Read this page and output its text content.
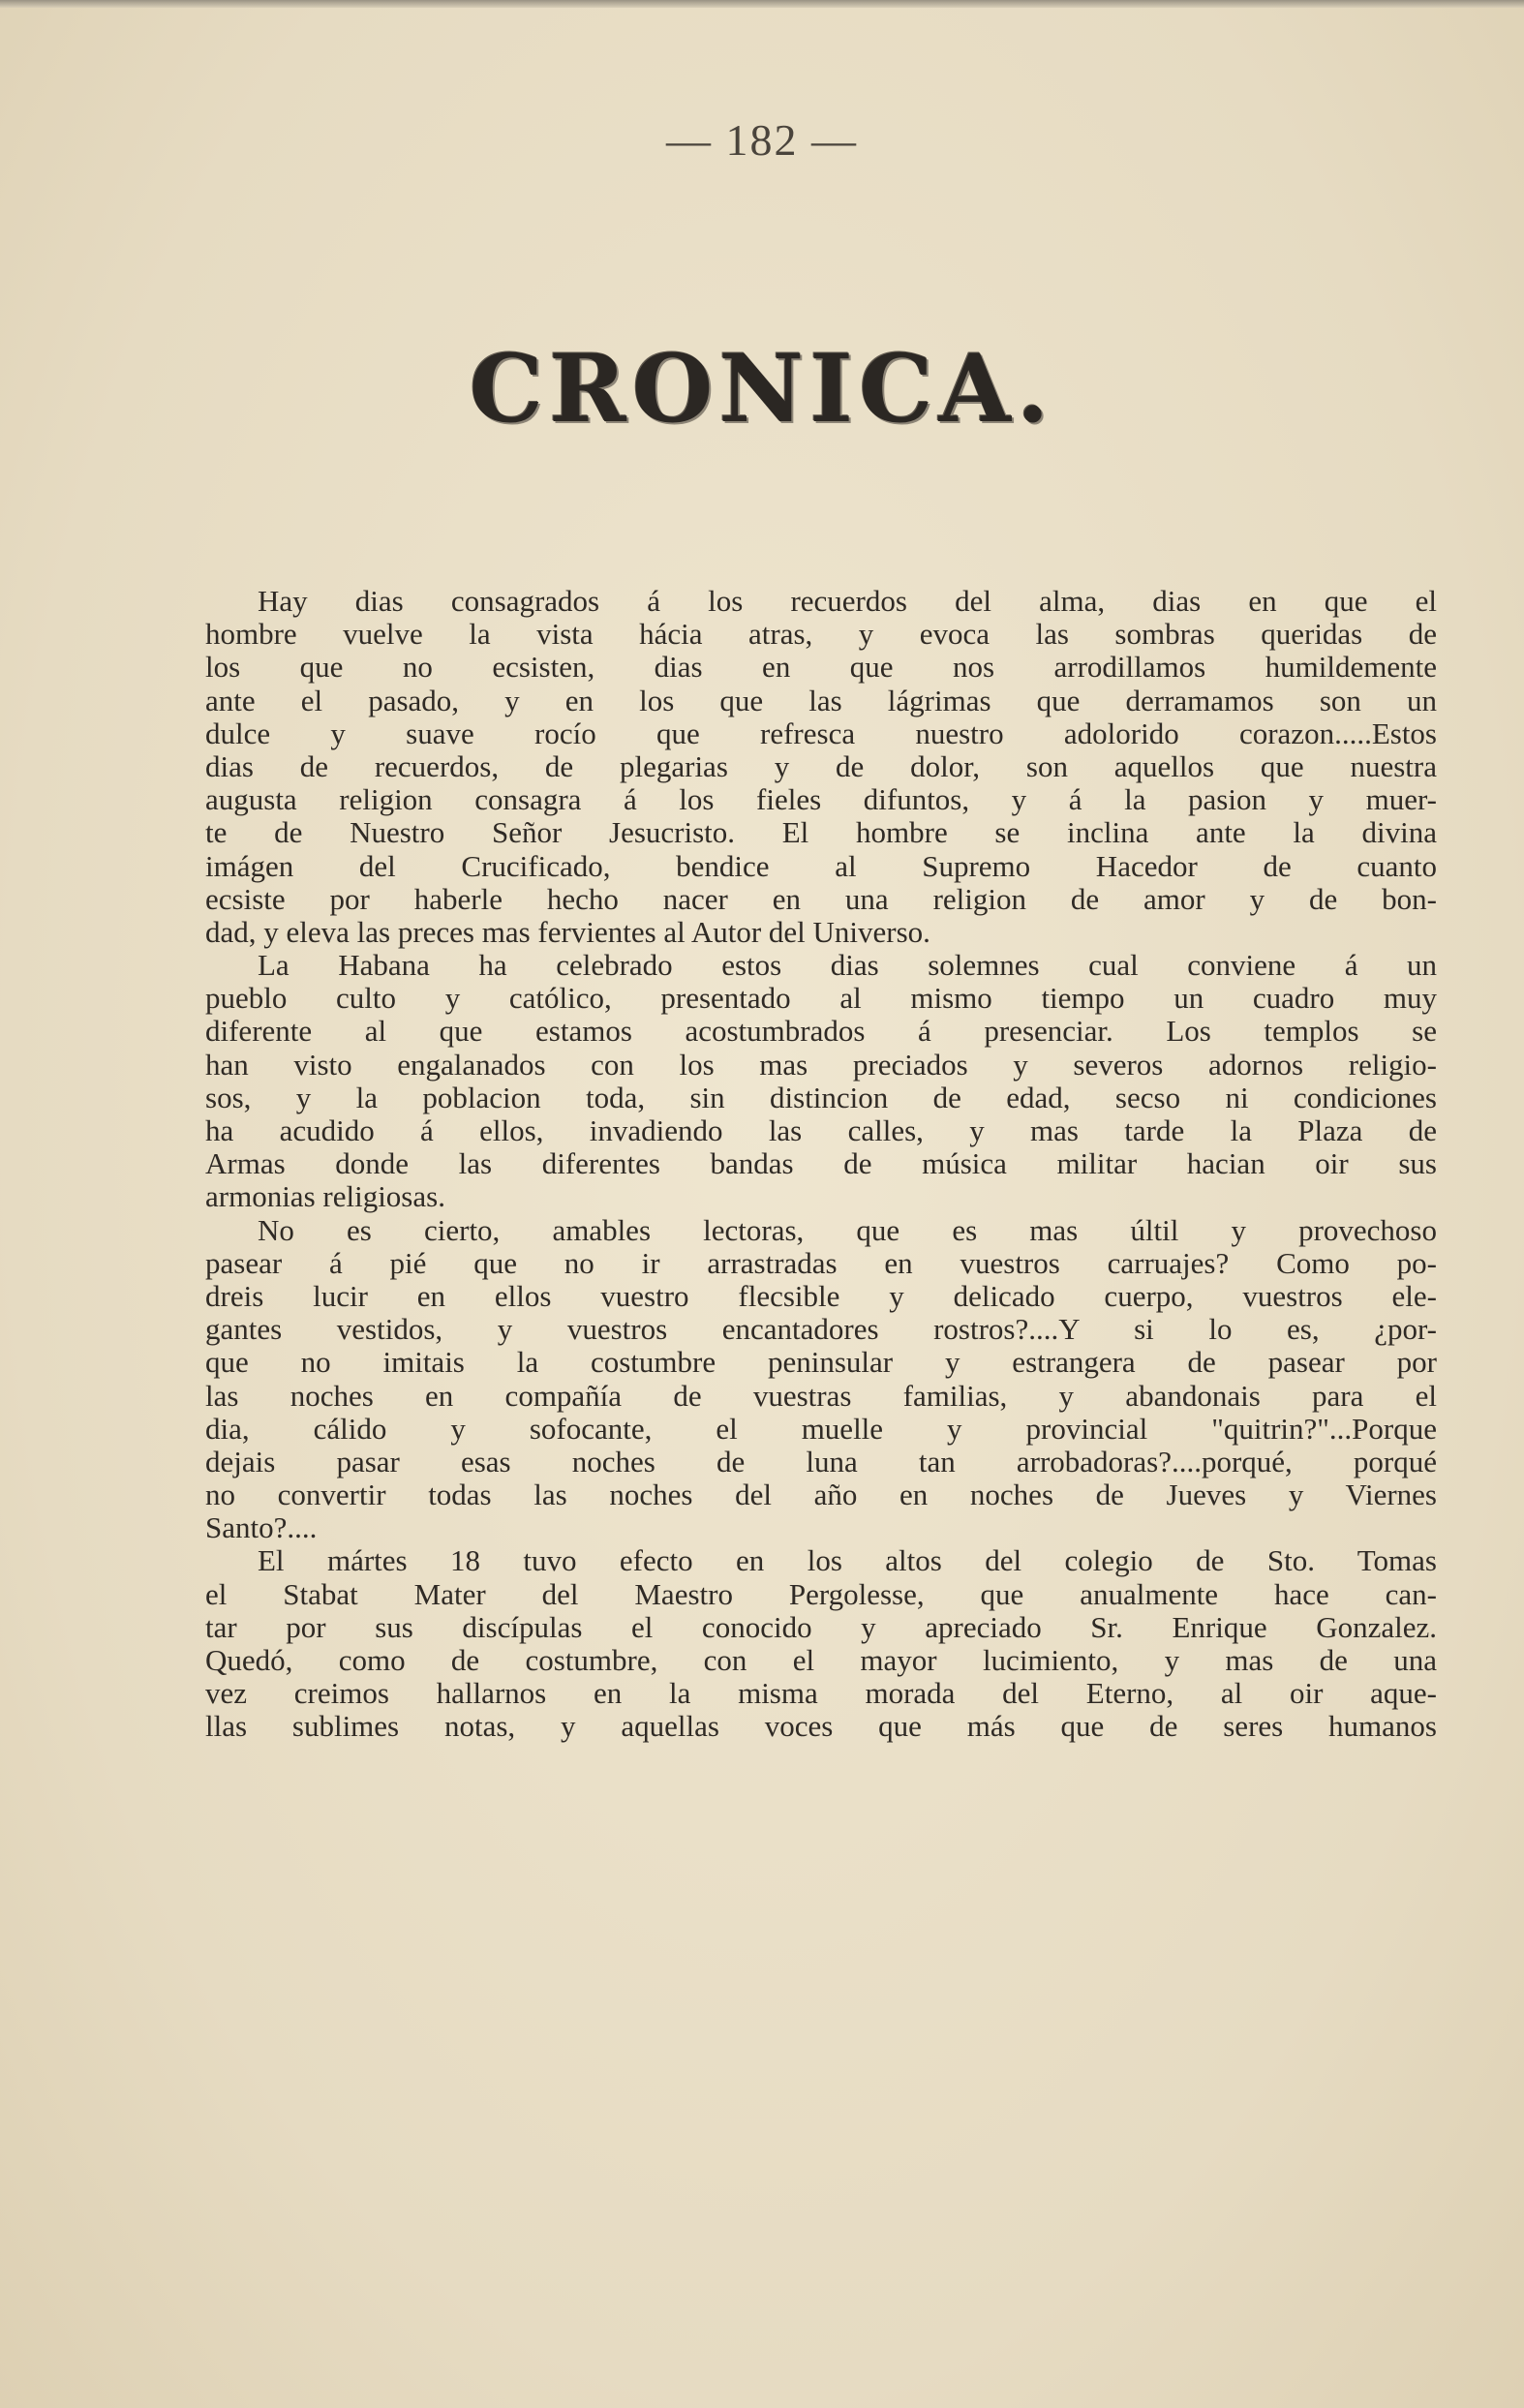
— 182 —
CRONICA.
Hay dias consagrados á los recuerdos del alma, dias en que el
hombre vuelve la vista hácia atras, y evoca las sombras queridas de
los que no ecsisten, dias en que nos arrodillamos humildemente
ante el pasado, y en los que las lágrimas que derramamos son un
dulce y suave rocío que refresca nuestro adolorido corazon.....Estos
dias de recuerdos, de plegarias y de dolor, son aquellos que nuestra
augusta religion consagra á los fieles difuntos, y á la pasion y muer-
te de Nuestro Señor Jesucristo. El hombre se inclina ante la divina
imágen del Crucificado, bendice al Supremo Hacedor de cuanto
ecsiste por haberle hecho nacer en una religion de amor y de bon-
dad, y eleva las preces mas fervientes al Autor del Universo.
La Habana ha celebrado estos dias solemnes cual conviene á un
pueblo culto y católico, presentado al mismo tiempo un cuadro muy
diferente al que estamos acostumbrados á presenciar. Los templos se
han visto engalanados con los mas preciados y severos adornos religio-
sos, y la poblacion toda, sin distincion de edad, secso ni condiciones
ha acudido á ellos, invadiendo las calles, y mas tarde la Plaza de
Armas donde las diferentes bandas de música militar hacian oir sus
armonias religiosas.
No es cierto, amables lectoras, que es mas últil y provechoso
pasear á pié que no ir arrastradas en vuestros carruajes? Como po-
dreis lucir en ellos vuestro flecsible y delicado cuerpo, vuestros ele-
gantes vestidos, y vuestros encantadores rostros?....Y si lo es, ¿por-
que no imitais la costumbre peninsular y estrangera de pasear por
las noches en compañía de vuestras familias, y abandonais para el
dia, cálido y sofocante, el muelle y provincial "quitrin?"...Porque
dejais pasar esas noches de luna tan arrobadoras?....porqué, porqué
no convertir todas las noches del año en noches de Jueves y Viernes
Santo?....
El mártes 18 tuvo efecto en los altos del colegio de Sto. Tomas
el Stabat Mater del Maestro Pergolesse, que anualmente hace can-
tar por sus discípulas el conocido y apreciado Sr. Enrique Gonzalez.
Quedó, como de costumbre, con el mayor lucimiento, y mas de una
vez creimos hallarnos en la misma morada del Eterno, al oir aque-
llas sublimes notas, y aquellas voces que más que de seres humanos
